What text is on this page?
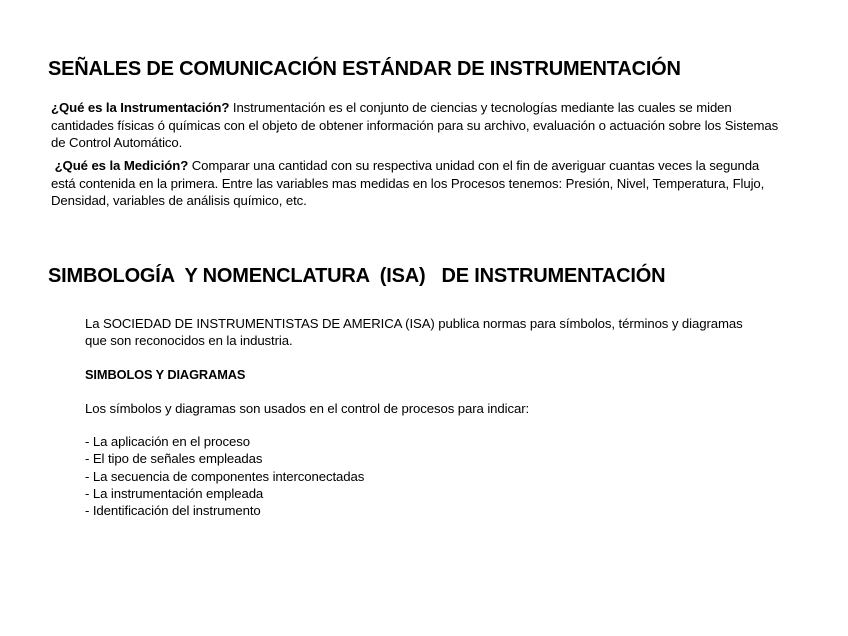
SEÑALES DE COMUNICACIÓN ESTÁNDAR DE INSTRUMENTACIÓN

¿Qué es la Instrumentación? Instrumentación es el conjunto de ciencias y tecnologías mediante las cuales se miden cantidades físicas ó químicas con el objeto de obtener información para su archivo, evaluación o actuación sobre los Sistemas de Control Automático.

¿Qué es la Medición? Comparar una cantidad con su respectiva unidad con el fin de averiguar cuantas veces la segunda está contenida en la primera. Entre las variables mas medidas en los Procesos tenemos: Presión, Nivel, Temperatura, Flujo, Densidad, variables de análisis químico, etc.

SIMBOLOGÍA  Y NOMENCLATURA  (ISA)   DE INSTRUMENTACIÓN
La SOCIEDAD DE INSTRUMENTISTAS DE AMERICA (ISA) publica normas para símbolos, términos y diagramas que son reconocidos en la industria.
SIMBOLOS Y DIAGRAMAS
Los símbolos y diagramas son usados en el control de procesos para indicar:
- La aplicación en el proceso
- El tipo de señales empleadas
- La secuencia de componentes interconectadas
- La instrumentación empleada
- Identificación del instrumento
